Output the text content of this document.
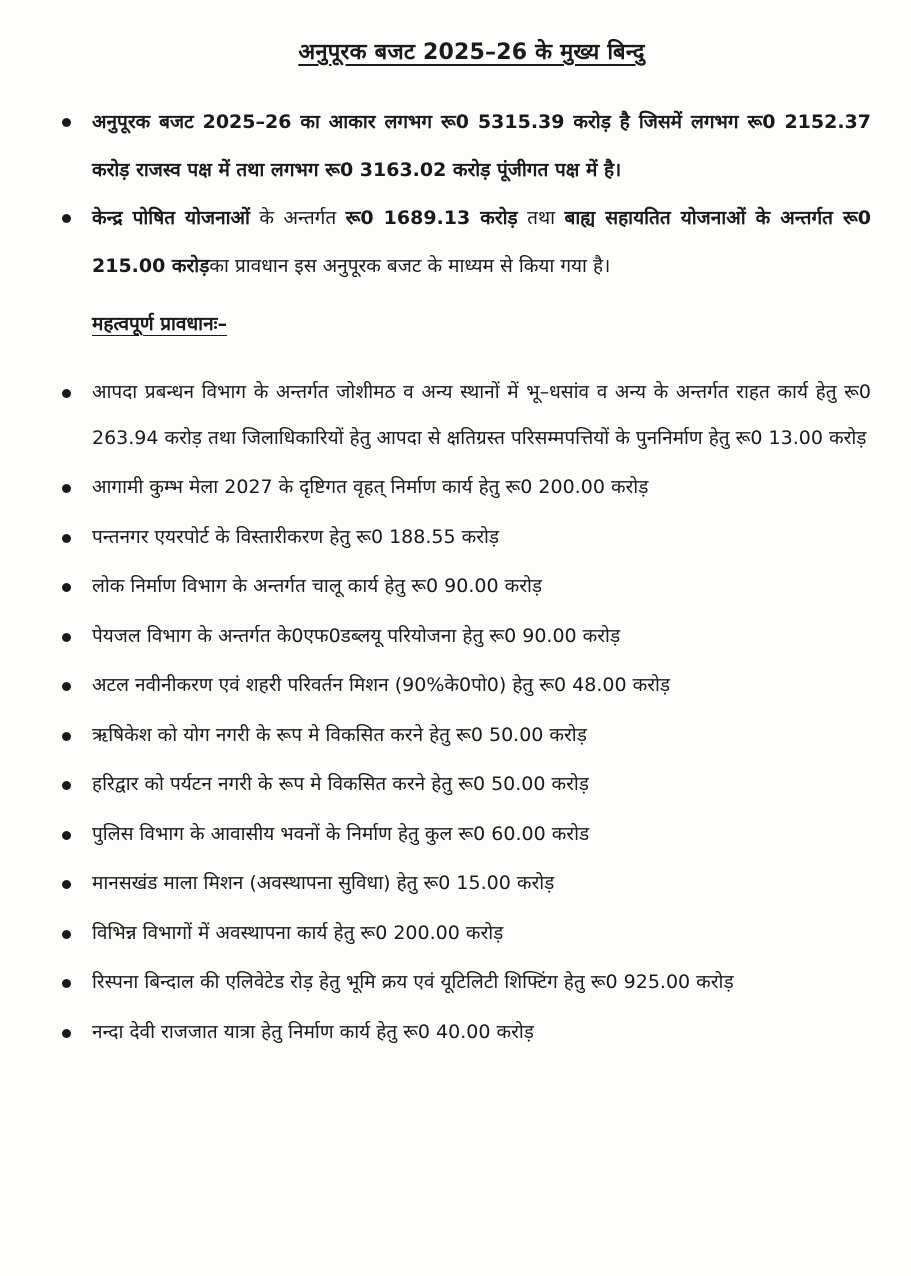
अनुपूरक बजट 2025–26 के मुख्य बिन्दु
अनुपूरक बजट 2025–26 का आकार लगभग रू0 5315.39 करोड़ है जिसमें लगभग रू0 2152.37 करोड़ राजस्व पक्ष में तथा लगभग रू0 3163.02 करोड़ पूंजीगत पक्ष में है।
केन्द्र पोषित योजनाओं के अन्तर्गत रू0 1689.13 करोड़ तथा बाह्य सहायतित योजनाओं के अन्तर्गत रू0 215.00 करोड़का प्रावधान इस अनुपूरक बजट के माध्यम से किया गया है।
महत्वपूर्ण प्रावधानः–
आपदा प्रबन्धन विभाग के अन्तर्गत जोशीमठ व अन्य स्थानों में भू–धसांव व अन्य के अन्तर्गत राहत कार्य हेतु रू0 263.94 करोड़ तथा जिलाधिकारियों हेतु आपदा से क्षतिग्रस्त परिसम्मपत्तियों के पुननिर्माण हेतु रू0 13.00 करोड़
आगामी कुम्भ मेला 2027 के दृष्टिगत वृहत् निर्माण कार्य हेतु रू0 200.00 करोड़
पन्तनगर एयरपोर्ट के विस्तारीकरण हेतु रू0 188.55 करोड़
लोक निर्माण विभाग के अन्तर्गत चालू कार्य हेतु रू0 90.00 करोड़
पेयजल विभाग के अन्तर्गत के0एफ0डब्लयू परियोजना हेतु रू0 90.00 करोड़
अटल नवीनीकरण एवं शहरी परिवर्तन मिशन (90%के0पो0) हेतु रू0 48.00 करोड़
ऋषिकेश को योग नगरी के रूप मे विकसित करने हेतु रू0 50.00 करोड़
हरिद्वार को पर्यटन नगरी के रूप मे विकसित करने हेतु रू0 50.00 करोड़
पुलिस विभाग के आवासीय भवनों के निर्माण हेतु कुल रू0 60.00 करोड
मानसखंड माला मिशन (अवस्थापना सुविधा) हेतु रू0 15.00 करोड़
विभिन्न विभागों में अवस्थापना कार्य हेतु रू0 200.00 करोड़
रिस्पना बिन्दाल की एलिवेटेड रोड़ हेतु भूमि क्रय एवं यूटिलिटी शिफ्टिंग हेतु रू0 925.00 करोड़
नन्दा देवी राजजात यात्रा हेतु निर्माण कार्य हेतु रू0 40.00 करोड़
